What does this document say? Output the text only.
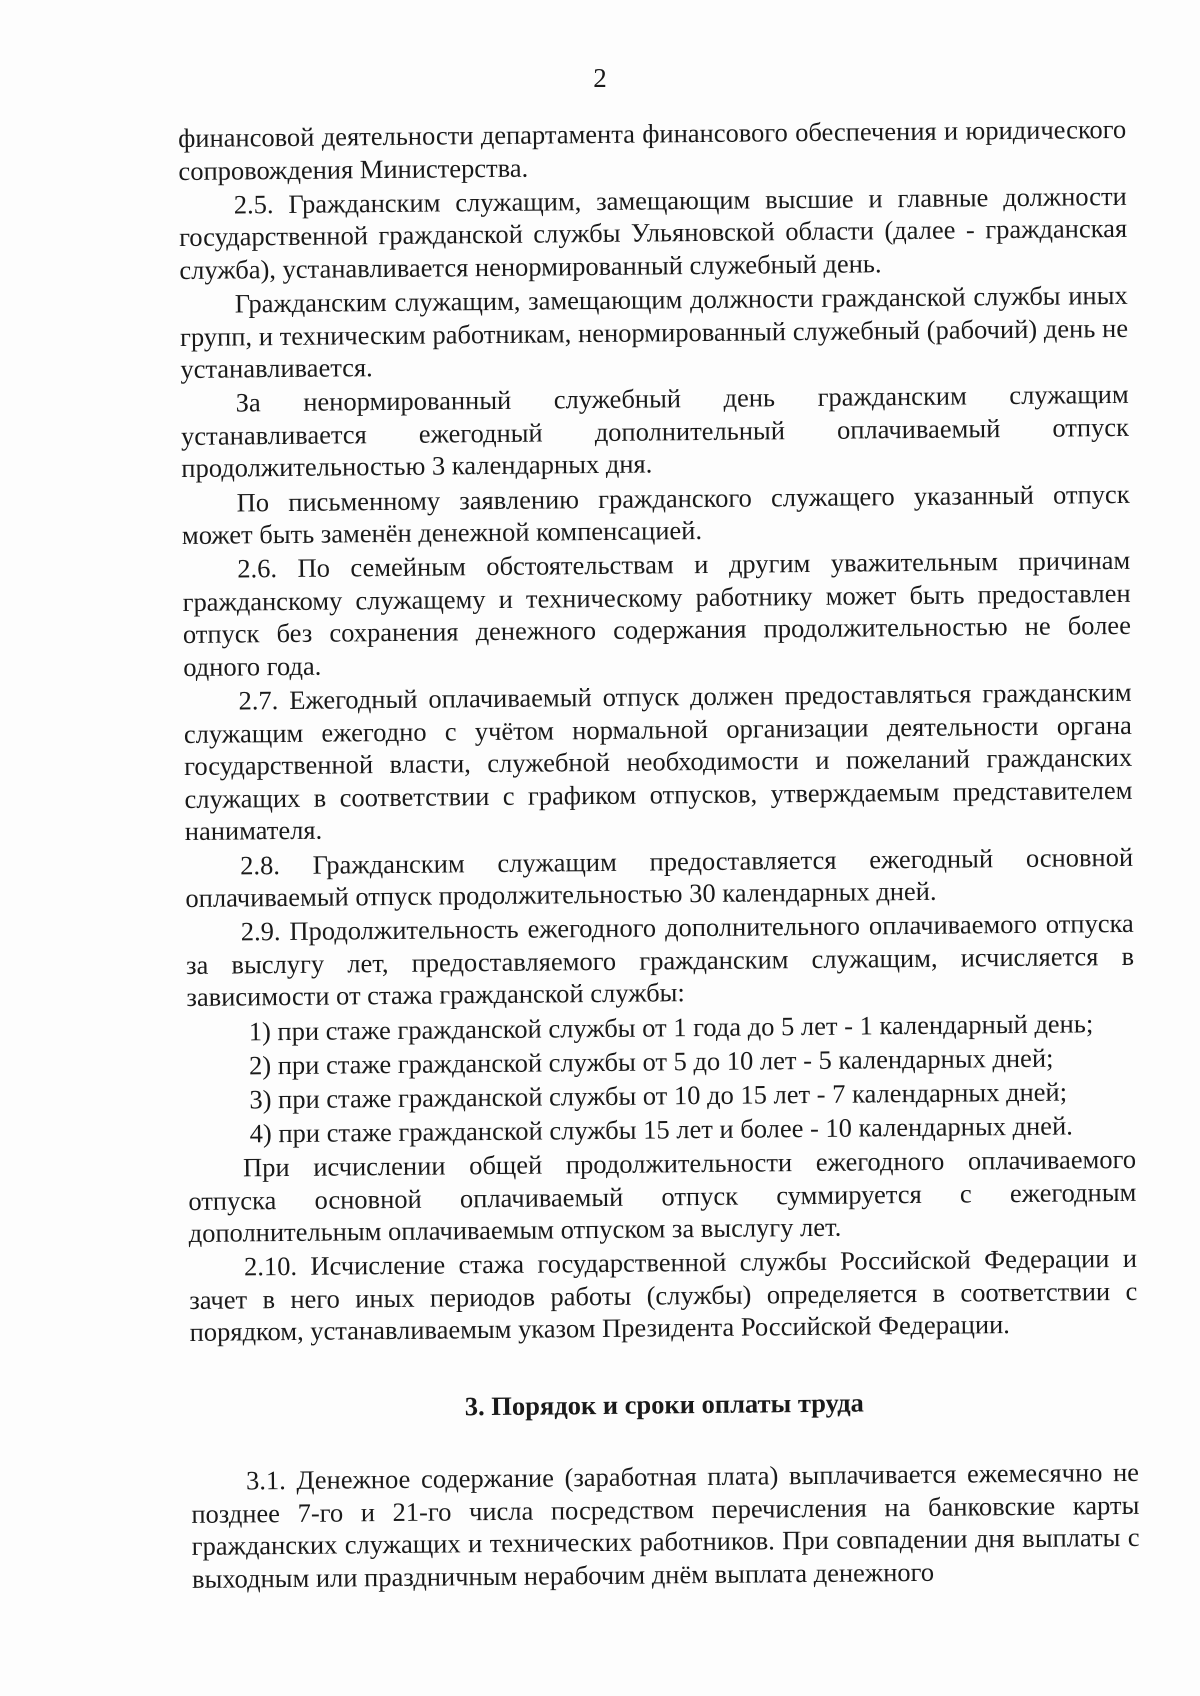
2

финансовой деятельности департамента финансового обеспечения и юридического сопровождения Министерства.

2.5. Гражданским служащим, замещающим высшие и главные должности государственной гражданской службы Ульяновской области (далее - гражданская служба), устанавливается ненормированный служебный день.

Гражданским служащим, замещающим должности гражданской службы иных групп, и техническим работникам, ненормированный служебный (рабочий) день не устанавливается.

За ненормированный служебный день гражданским служащим устанавливается ежегодный дополнительный оплачиваемый отпуск продолжительностью 3 календарных дня.

По письменному заявлению гражданского служащего указанный отпуск может быть заменён денежной компенсацией.

2.6. По семейным обстоятельствам и другим уважительным причинам гражданскому служащему и техническому работнику может быть предоставлен отпуск без сохранения денежного содержания продолжительностью не более одного года.

2.7. Ежегодный оплачиваемый отпуск должен предоставляться гражданским служащим ежегодно с учётом нормальной организации деятельности органа государственной власти, служебной необходимости и пожеланий гражданских служащих в соответствии с графиком отпусков, утверждаемым представителем нанимателя.

2.8. Гражданским служащим предоставляется ежегодный основной оплачиваемый отпуск продолжительностью 30 календарных дней.

2.9. Продолжительность ежегодного дополнительного оплачиваемого отпуска за выслугу лет, предоставляемого гражданским служащим, исчисляется в зависимости от стажа гражданской службы:

1) при стаже гражданской службы от 1 года до 5 лет - 1 календарный день;

2) при стаже гражданской службы от 5 до 10 лет - 5 календарных дней;

3) при стаже гражданской службы от 10 до 15 лет - 7 календарных дней;

4) при стаже гражданской службы 15 лет и более - 10 календарных дней.

При исчислении общей продолжительности ежегодного оплачиваемого отпуска основной оплачиваемый отпуск суммируется с ежегодным дополнительным оплачиваемым отпуском за выслугу лет.

2.10. Исчисление стажа государственной службы Российской Федерации и зачет в него иных периодов работы (службы) определяется в соответствии с порядком, устанавливаемым указом Президента Российской Федерации.

3. Порядок и сроки оплаты труда

3.1. Денежное содержание (заработная плата) выплачивается ежемесячно не позднее 7-го и 21-го числа посредством перечисления на банковские карты гражданских служащих и технических работников. При совпадении дня выплаты с выходным или праздничным нерабочим днём выплата денежного
